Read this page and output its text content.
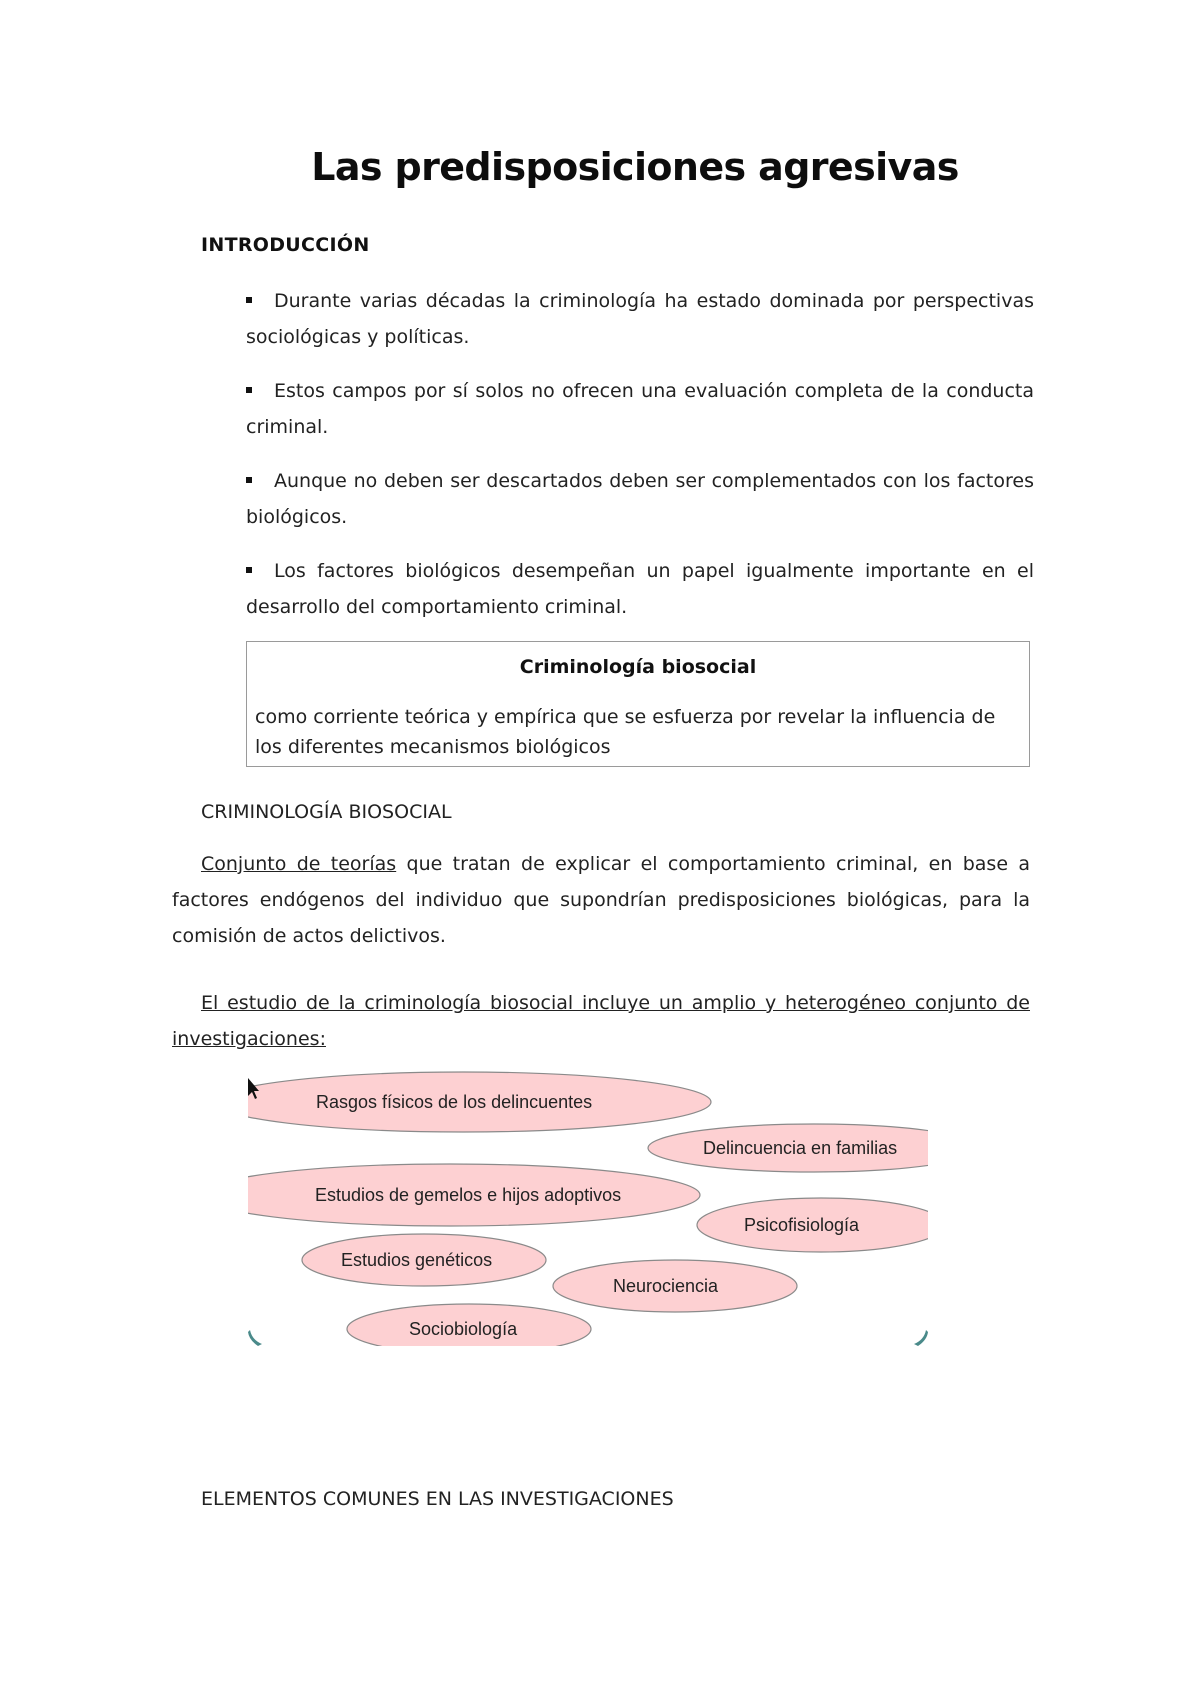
Las predisposiciones agresivas
INTRODUCCIÓN
Durante varias décadas la criminología ha estado dominada por perspectivas sociológicas y políticas.
Estos campos por sí solos no ofrecen una evaluación completa de la conducta criminal.
Aunque no deben ser descartados deben ser complementados con los factores biológicos.
Los factores biológicos desempeñan un papel igualmente importante en el desarrollo del comportamiento criminal.

Criminología biosocial

como corriente teórica y empírica que se esfuerza por revelar la influencia de los diferentes mecanismos biológicos

CRIMINOLOGÍA BIOSOCIAL

Conjunto de teorías que tratan de explicar el comportamiento criminal, en base a factores endógenos del individuo que supondrían predisposiciones biológicas, para la comisión de actos delictivos.

El estudio de la criminología biosocial incluye un amplio y heterogéneo conjunto de investigaciones:

Rasgos físicos de los delincuentes
Delincuencia en familias
Estudios de gemelos e hijos adoptivos
Psicofisiología
Estudios genéticos
Neurociencia
Sociobiología
ELEMENTOS COMUNES EN LAS INVESTIGACIONES
